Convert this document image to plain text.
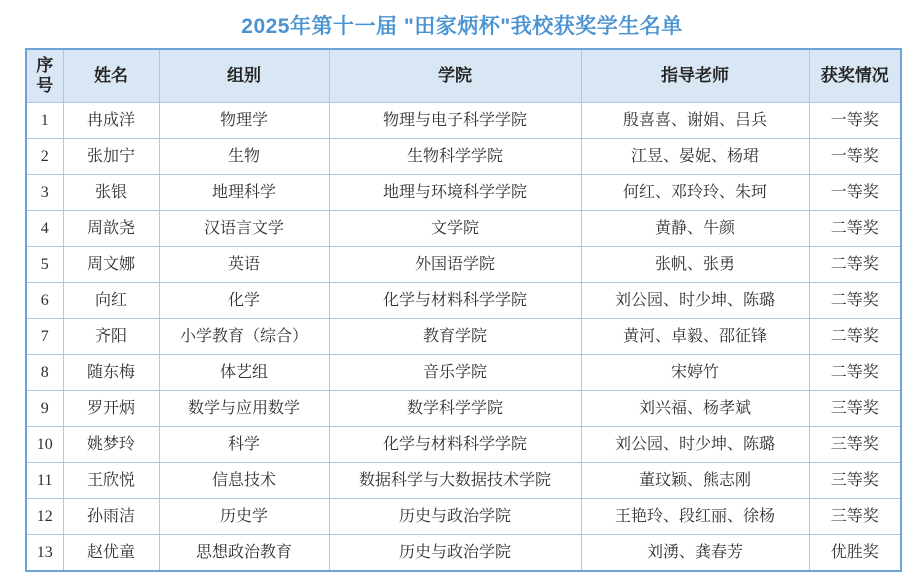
2025年第十一届 "田家炳杯"我校获奖学生名单
序号	姓名	组别	学院	指导老师	获奖情况
1	冉成洋	物理学	物理与电子科学学院	殷喜喜、谢娟、吕兵	一等奖
2	张加宁	生物	生物科学学院	江昱、晏妮、杨珺	一等奖
3	张银	地理科学	地理与环境科学学院	何红、邓玲玲、朱珂	一等奖
4	周歆尧	汉语言文学	文学院	黄静、牛颜	二等奖
5	周文娜	英语	外国语学院	张帆、张勇	二等奖
6	向红	化学	化学与材料科学学院	刘公园、时少坤、陈璐	二等奖
7	齐阳	小学教育（综合）	教育学院	黄河、卓毅、邵征锋	二等奖
8	随东梅	体艺组	音乐学院	宋婷竹	二等奖
9	罗开炳	数学与应用数学	数学科学学院	刘兴福、杨孝斌	三等奖
10	姚梦玲	科学	化学与材料科学学院	刘公园、时少坤、陈璐	三等奖
11	王欣悦	信息技术	数据科学与大数据技术学院	董玟颖、熊志刚	三等奖
12	孙雨洁	历史学	历史与政治学院	王艳玲、段红丽、徐杨	三等奖
13	赵优童	思想政治教育	历史与政治学院	刘湧、龚春芳	优胜奖
